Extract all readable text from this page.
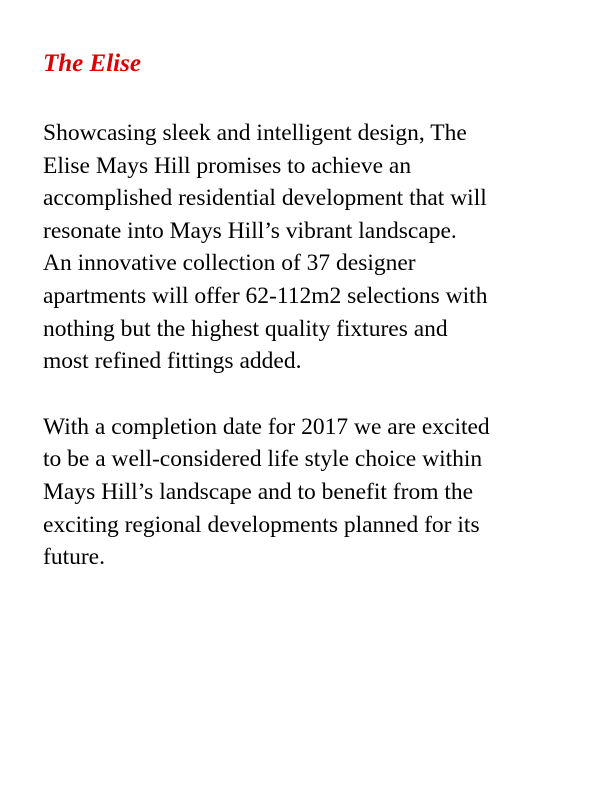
The Elise

Showcasing sleek and intelligent design, The
Elise Mays Hill promises to achieve an
accomplished residential development that will
resonate into Mays Hill’s vibrant landscape.
An innovative collection of 37 designer
apartments will offer 62-112m2 selections with
nothing but the highest quality fixtures and
most refined fittings added.

With a completion date for 2017 we are excited
to be a well-considered life style choice within
Mays Hill’s landscape and to benefit from the
exciting regional developments planned for its
future.
